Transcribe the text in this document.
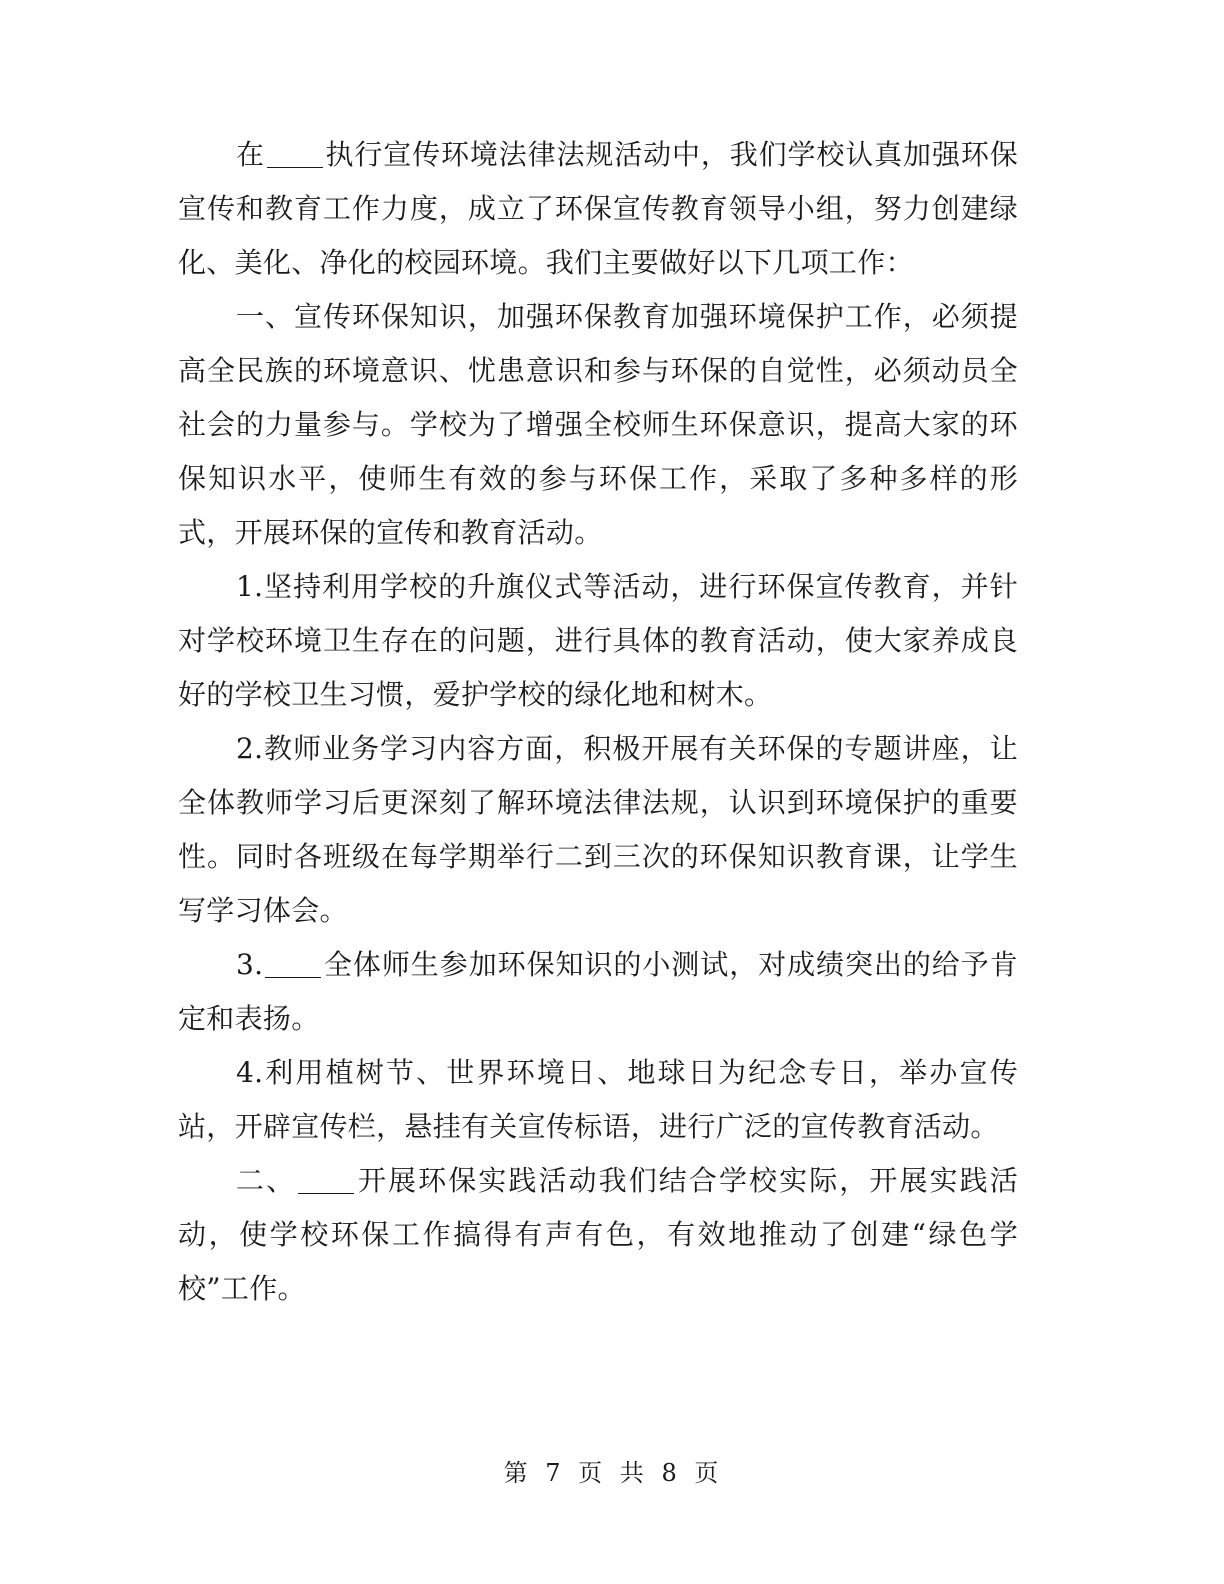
在 执行宣传环境法律法规活动中，我们学校认真加强环保宣传和教育工作力度，成立了环保宣传教育领导小组，努力创建绿化、美化、净化的校园环境。我们主要做好以下几项工作：

一、宣传环保知识，加强环保教育加强环境保护工作，必须提高全民族的环境意识、忧患意识和参与环保的自觉性，必须动员全社会的力量参与。学校为了增强全校师生环保意识，提高大家的环保知识水平，使师生有效的参与环保工作，采取了多种多样的形式，开展环保的宣传和教育活动。

1.坚持利用学校的升旗仪式等活动，进行环保宣传教育，并针对学校环境卫生存在的问题，进行具体的教育活动，使大家养成良好的学校卫生习惯，爱护学校的绿化地和树木。

2.教师业务学习内容方面，积极开展有关环保的专题讲座，让全体教师学习后更深刻了解环境法律法规，认识到环境保护的重要性。同时各班级在每学期举行二到三次的环保知识教育课，让学生写学习体会。

3. 全体师生参加环保知识的小测试，对成绩突出的给予肯定和表扬。

4.利用植树节、世界环境日、地球日为纪念专日，举办宣传站，开辟宣传栏，悬挂有关宣传标语，进行广泛的宣传教育活动。

二、 开展环保实践活动我们结合学校实际，开展实践活动，使学校环保工作搞得有声有色，有效地推动了创建“绿色学校”工作。

第 7 页 共 8 页
